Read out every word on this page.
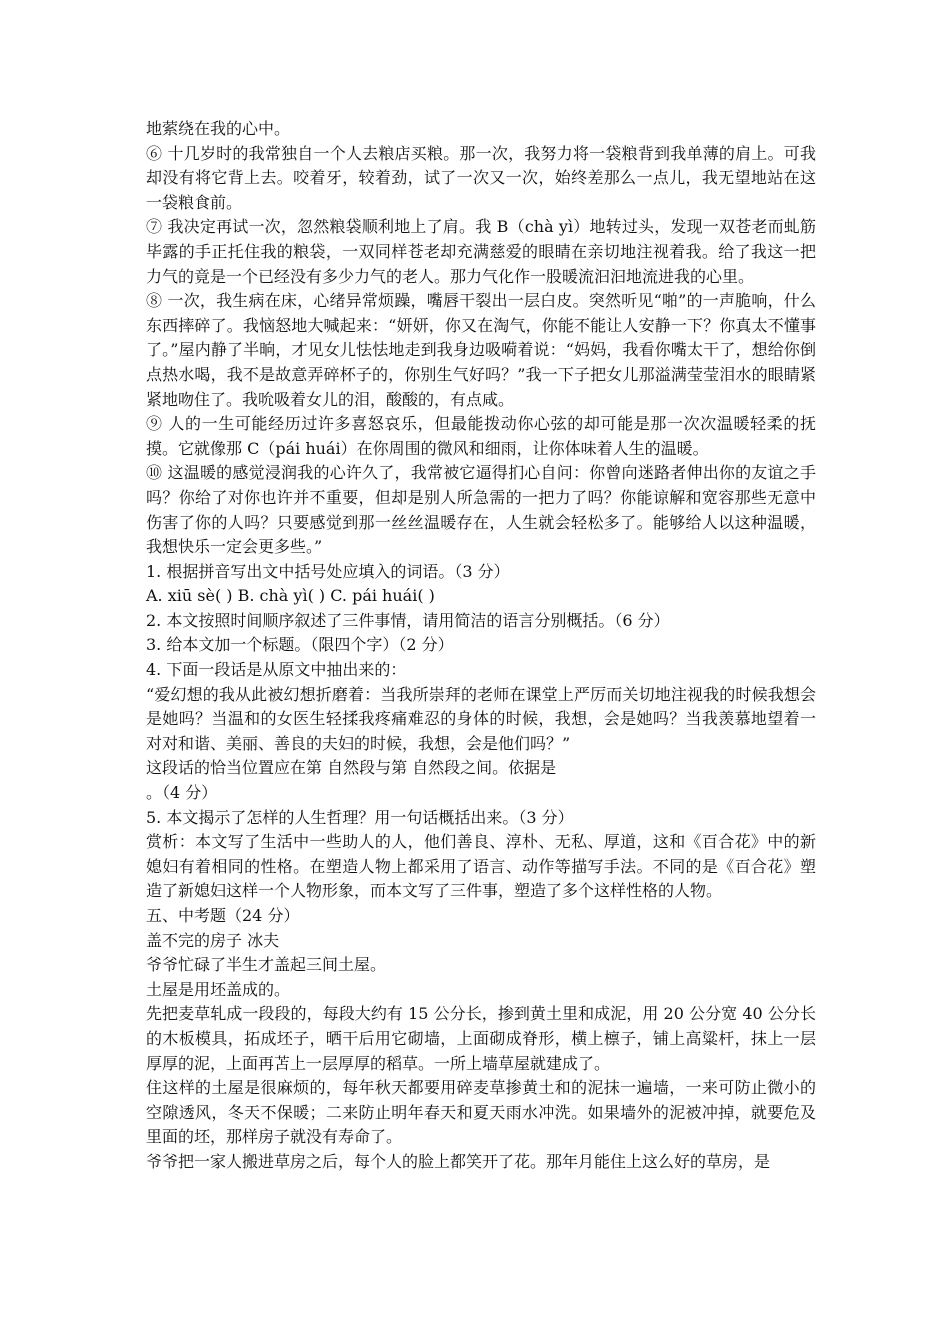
地萦绕在我的心中。

⑥ 十几岁时的我常独自一个人去粮店买粮。那一次，我努力将一袋粮背到我单薄的肩上。可我却没有将它背上去。咬着牙，较着劲，试了一次又一次，始终差那么一点儿，我无望地站在这一袋粮食前。

⑦ 我决定再试一次，忽然粮袋顺利地上了肩。我 B（chà yì）地转过头，发现一双苍老而虬筋毕露的手正托住我的粮袋，一双同样苍老却充满慈爱的眼睛在亲切地注视着我。给了我这一把力气的竟是一个已经没有多少力气的老人。那力气化作一股暖流汩汩地流进我的心里。

⑧ 一次，我生病在床，心绪异常烦躁，嘴唇干裂出一层白皮。突然听见“啪”的一声脆响，什么东西摔碎了。我恼怒地大喊起来：“妍妍，你又在淘气，你能不能让人安静一下？你真太不懂事了。”屋内静了半晌，才见女儿怯怯地走到我身边吸嗬着说：“妈妈，我看你嘴太干了，想给你倒点热水喝，我不是故意弄碎杯子的，你别生气好吗？”我一下子把女儿那溢满莹莹泪水的眼睛紧紧地吻住了。我吮吸着女儿的泪，酸酸的，有点咸。

⑨ 人的一生可能经历过许多喜怒哀乐，但最能拨动你心弦的却可能是那一次次温暖轻柔的抚摸。它就像那 C（pái huái）在你周围的微风和细雨，让你体味着人生的温暖。

⑩ 这温暖的感觉浸润我的心许久了，我常被它逼得扪心自问：你曾向迷路者伸出你的友谊之手吗？你给了对你也许并不重要，但却是别人所急需的一把力了吗？你能谅解和宽容那些无意中伤害了你的人吗？只要感觉到那一丝丝温暖存在，人生就会轻松多了。能够给人以这种温暖，我想快乐一定会更多些。”

1. 根据拼音写出文中括号处应填入的词语。（3 分）

A. xiū sè( ) B. chà yì( ) C. pái huái( )

2. 本文按照时间顺序叙述了三件事情，请用简洁的语言分别概括。（6 分）

3. 给本文加一个标题。（限四个字）（2 分）

4. 下面一段话是从原文中抽出来的：

“爱幻想的我从此被幻想折磨着：当我所崇拜的老师在课堂上严厉而关切地注视我的时候我想会是她吗？当温和的女医生轻揉我疼痛难忍的身体的时候，我想，会是她吗？当我羡慕地望着一对对和谐、美丽、善良的夫妇的时候，我想，会是他们吗？”

这段话的恰当位置应在第 自然段与第 自然段之间。依据是

。（4 分）

5. 本文揭示了怎样的人生哲理？用一句话概括出来。（3 分）

赏析：本文写了生活中一些助人的人，他们善良、淳朴、无私、厚道，这和《百合花》中的新媳妇有着相同的性格。在塑造人物上都采用了语言、动作等描写手法。不同的是《百合花》塑造了新媳妇这样一个人物形象，而本文写了三件事，塑造了多个这样性格的人物。

五、中考题（24 分）

盖不完的房子 冰夫

爷爷忙碌了半生才盖起三间土屋。

土屋是用坯盖成的。

先把麦草轧成一段段的，每段大约有 15 公分长，掺到黄土里和成泥，用 20 公分宽 40 公分长的木板模具，拓成坯子，晒干后用它砌墙，上面砌成脊形，横上檩子，铺上高粱杆，抹上一层厚厚的泥，上面再苫上一层厚厚的稻草。一所上墙草屋就建成了。

住这样的土屋是很麻烦的，每年秋天都要用碎麦草掺黄土和的泥抹一遍墙，一来可防止微小的空隙透风，冬天不保暖；二来防止明年春天和夏天雨水冲洗。如果墙外的泥被冲掉，就要危及里面的坯，那样房子就没有寿命了。

爷爷把一家人搬进草房之后，每个人的脸上都笑开了花。那年月能住上这么好的草房，是
